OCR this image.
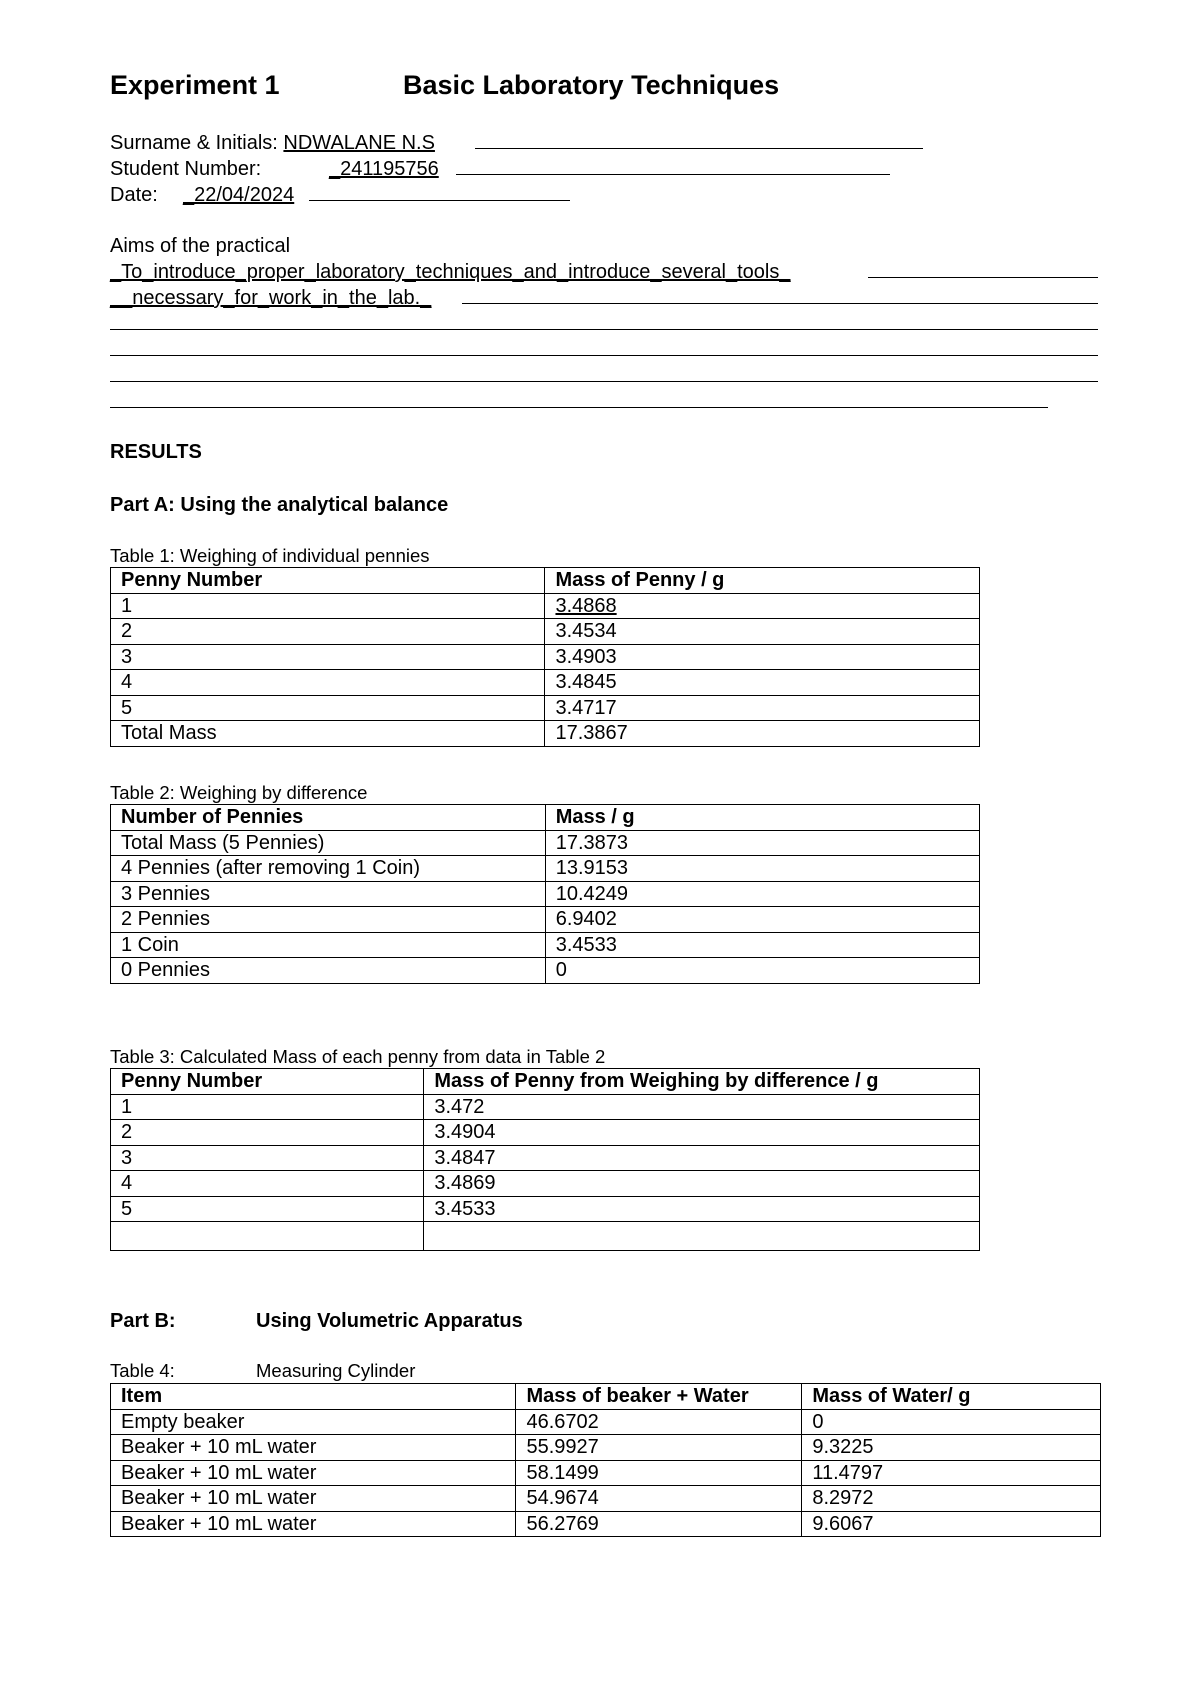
Experiment 1	Basic Laboratory Techniques
Surname & Initials: NDWALANE N.S
Student Number:	_241195756
Date: _22/04/2024
Aims of the practical
_To_introduce_proper_laboratory_techniques_and_introduce_several_tools_
__necessary_for_work_in_the_lab._
RESULTS
Part A: Using the analytical balance
Table 1: Weighing of individual pennies
Penny Number	Mass of Penny / g
1	3.4868
2	3.4534
3	3.4903
4	3.4845
5	3.4717
Total Mass	17.3867
Table 2: Weighing by difference
Number of Pennies	Mass / g
Total Mass (5 Pennies)	17.3873
4 Pennies (after removing 1 Coin)	13.9153
3 Pennies	10.4249
2 Pennies	6.9402
1 Coin	3.4533
0 Pennies	0
Table 3: Calculated Mass of each penny from data in Table 2
Penny Number	Mass of Penny from Weighing by difference / g
1	3.472
2	3.4904
3	3.4847
4	3.4869
5	3.4533

Part B:	Using Volumetric Apparatus
Table 4:	Measuring Cylinder
Item	Mass of beaker + Water	Mass of Water/ g
Empty beaker	46.6702	0
Beaker + 10 mL water	55.9927	9.3225
Beaker + 10 mL water	58.1499	11.4797
Beaker + 10 mL water	54.9674	8.2972
Beaker + 10 mL water	56.2769	9.6067
